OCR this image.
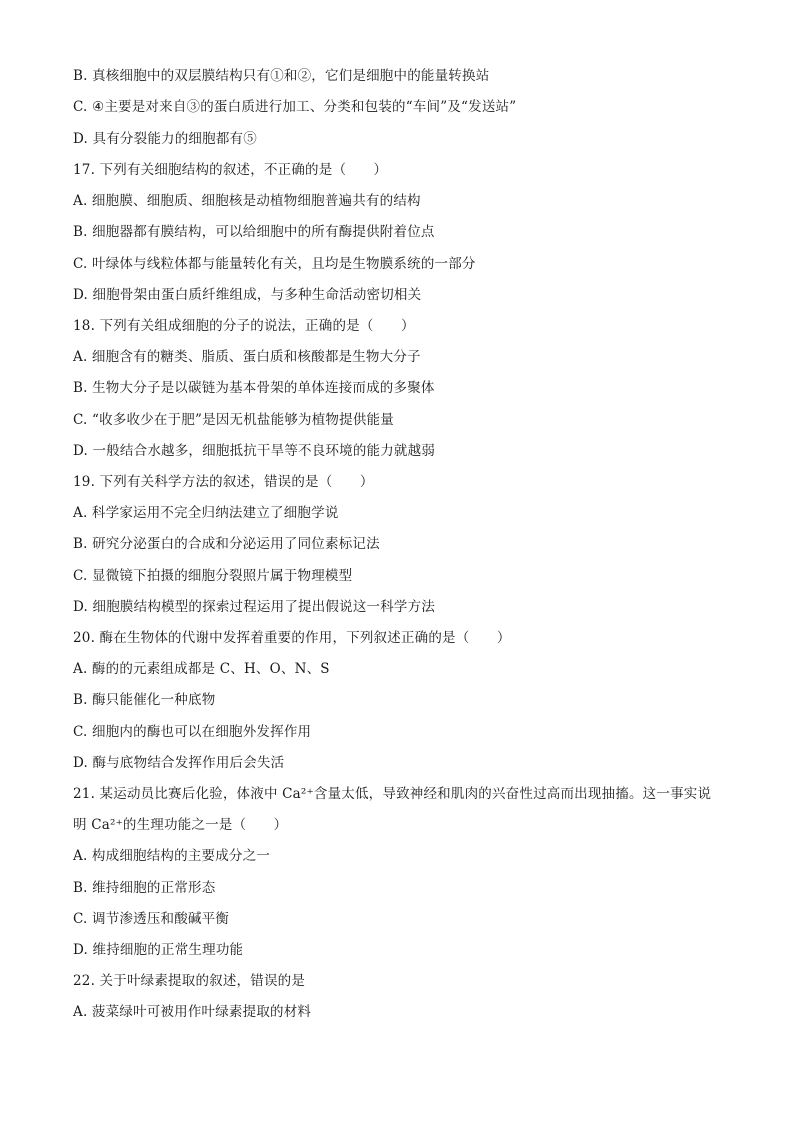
B. 真核细胞中的双层膜结构只有①和②，它们是细胞中的能量转换站
C. ④主要是对来自③的蛋白质进行加工、分类和包装的“车间”及“发送站”
D. 具有分裂能力的细胞都有⑤
17. 下列有关细胞结构的叙述，不正确的是（　　）
A. 细胞膜、细胞质、细胞核是动植物细胞普遍共有的结构
B. 细胞器都有膜结构，可以给细胞中的所有酶提供附着位点
C. 叶绿体与线粒体都与能量转化有关，且均是生物膜系统的一部分
D. 细胞骨架由蛋白质纤维组成，与多种生命活动密切相关
18. 下列有关组成细胞的分子的说法，正确的是（　　）
A. 细胞含有的糖类、脂质、蛋白质和核酸都是生物大分子
B. 生物大分子是以碳链为基本骨架的单体连接而成的多聚体
C. “收多收少在于肥”是因无机盐能够为植物提供能量
D. 一般结合水越多，细胞抵抗干旱等不良环境的能力就越弱
19. 下列有关科学方法的叙述，错误的是（　　）
A. 科学家运用不完全归纳法建立了细胞学说
B. 研究分泌蛋白的合成和分泌运用了同位素标记法
C. 显微镜下拍摄的细胞分裂照片属于物理模型
D. 细胞膜结构模型的探索过程运用了提出假说这一科学方法
20. 酶在生物体的代谢中发挥着重要的作用，下列叙述正确的是（　　）
A. 酶的的元素组成都是 C、H、O、N、S
B. 酶只能催化一种底物
C. 细胞内的酶也可以在细胞外发挥作用
D. 酶与底物结合发挥作用后会失活
21. 某运动员比赛后化验，体液中 Ca²⁺含量太低，导致神经和肌肉的兴奋性过高而出现抽搐。这一事实说
明 Ca²⁺的生理功能之一是（　　）
A. 构成细胞结构的主要成分之一
B. 维持细胞的正常形态
C. 调节渗透压和酸碱平衡
D. 维持细胞的正常生理功能
22. 关于叶绿素提取的叙述，错误的是
A. 菠菜绿叶可被用作叶绿素提取的材料
